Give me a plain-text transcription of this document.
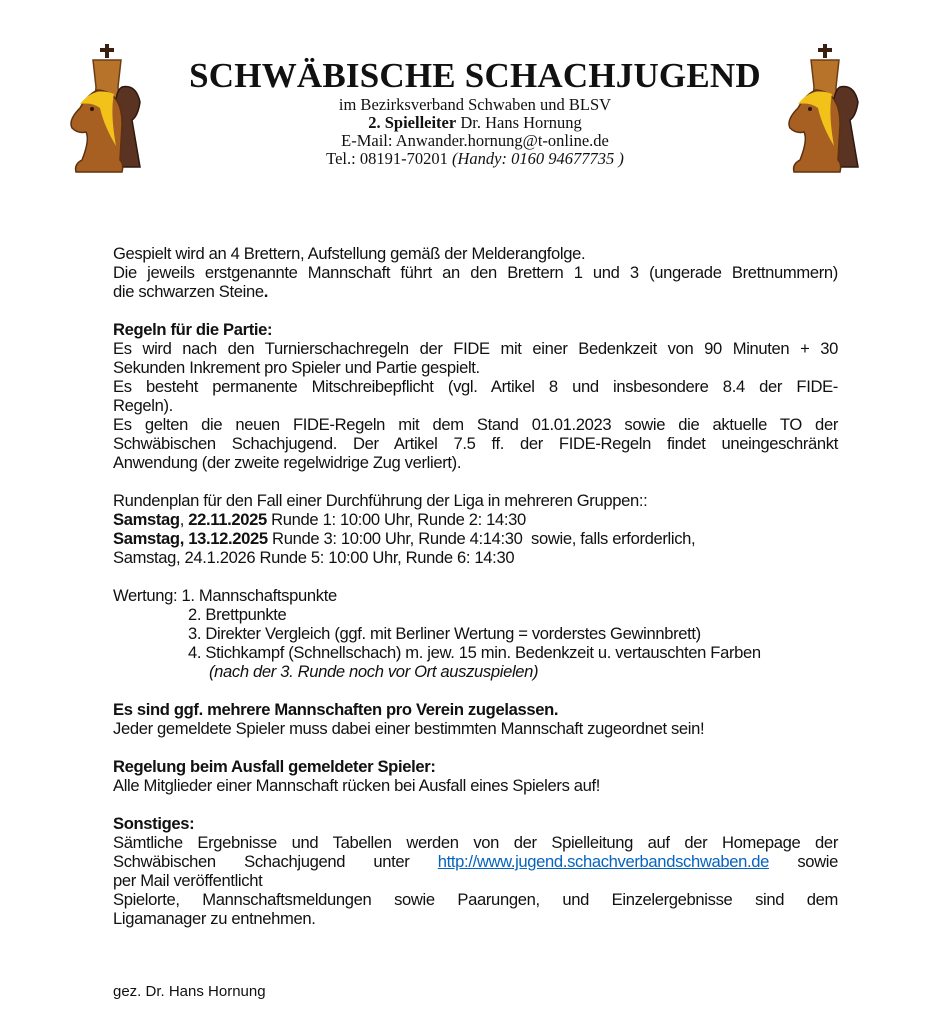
SCHWÄBISCHE SCHACHJUGEND
im Bezirksverband Schwaben und BLSV
2. Spielleiter Dr. Hans Hornung
E-Mail: Anwander.hornung@t-online.de
Tel.: 08191-70201 (Handy: 0160 94677735 )
Gespielt wird an 4 Brettern, Aufstellung gemäß der Melderangfolge.
Die jeweils erstgenannte Mannschaft führt an den Brettern 1 und 3 (ungerade Brettnummern)
die schwarzen Steine.
Regeln für die Partie:
Es wird nach den Turnierschachregeln der FIDE mit einer Bedenkzeit von 90 Minuten + 30
Sekunden Inkrement pro Spieler und Partie gespielt.
Es besteht permanente Mitschreibepflicht (vgl. Artikel 8 und insbesondere 8.4 der FIDE-
Regeln).
Es gelten die neuen FIDE-Regeln mit dem Stand 01.01.2023 sowie die aktuelle TO der
Schwäbischen Schachjugend. Der Artikel 7.5 ff. der FIDE-Regeln findet uneingeschränkt
Anwendung (der zweite regelwidrige Zug verliert).
Rundenplan für den Fall einer Durchführung der Liga in mehreren Gruppen::
Samstag, 22.11.2025 Runde 1: 10:00 Uhr, Runde 2: 14:30
Samstag, 13.12.2025 Runde 3: 10:00 Uhr, Runde 4:14:30  sowie, falls erforderlich,
Samstag, 24.1.2026 Runde 5: 10:00 Uhr, Runde 6: 14:30
Wertung: 1. Mannschaftspunkte
2. Brettpunkte
3. Direkter Vergleich (ggf. mit Berliner Wertung = vorderstes Gewinnbrett)
4. Stichkampf (Schnellschach) m. jew. 15 min. Bedenkzeit u. vertauschten Farben
(nach der 3. Runde noch vor Ort auszuspielen)
Es sind ggf. mehrere Mannschaften pro Verein zugelassen.
Jeder gemeldete Spieler muss dabei einer bestimmten Mannschaft zugeordnet sein!
Regelung beim Ausfall gemeldeter Spieler:
Alle Mitglieder einer Mannschaft rücken bei Ausfall eines Spielers auf!
Sonstiges:
Sämtliche Ergebnisse und Tabellen werden von der Spielleitung auf der Homepage der
Schwäbischen Schachjugend unter http://www.jugend.schachverbandschwaben.de sowie
per Mail veröffentlicht
Spielorte, Mannschaftsmeldungen sowie Paarungen, und Einzelergebnisse sind dem
Ligamanager zu entnehmen.
gez. Dr. Hans Hornung
